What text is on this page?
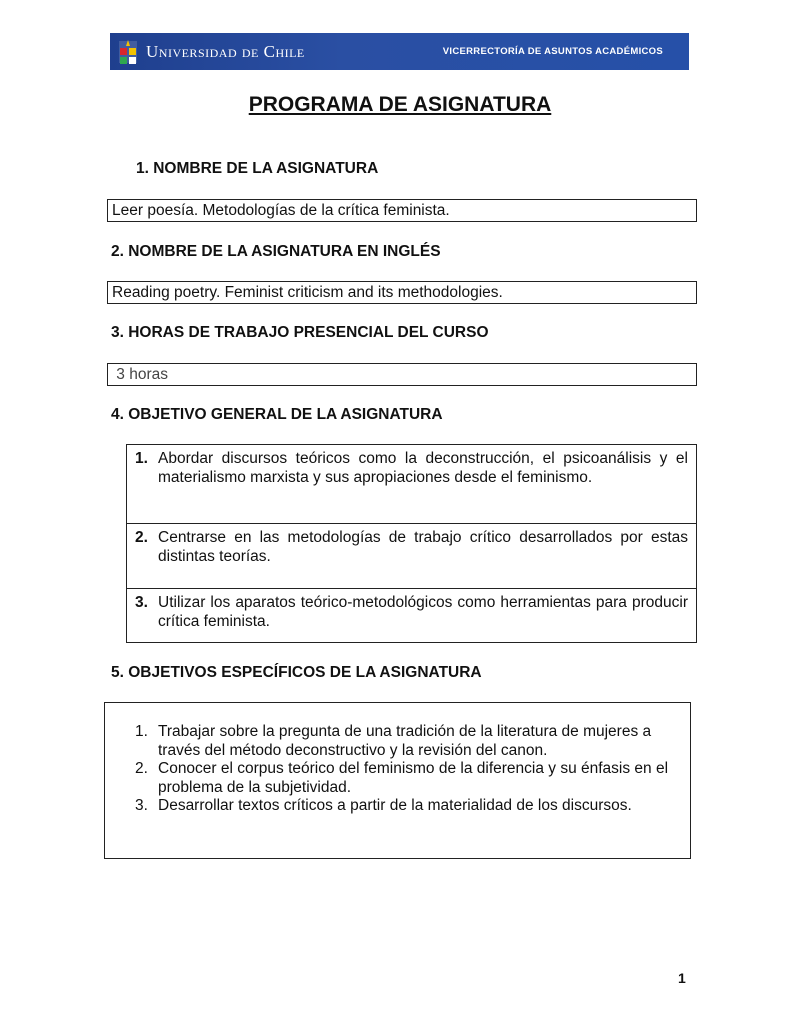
Universidad de Chile	VICERRECTORÍA DE ASUNTOS ACADÉMICOS
PROGRAMA DE ASIGNATURA
1. NOMBRE DE LA ASIGNATURA
Leer poesía. Metodologías de la crítica feminista.
2. NOMBRE DE LA ASIGNATURA EN INGLÉS
Reading poetry. Feminist criticism and its methodologies.
3. HORAS DE TRABAJO PRESENCIAL DEL CURSO
3 horas
4. OBJETIVO GENERAL DE LA ASIGNATURA
1. Abordar discursos teóricos como la deconstrucción, el psicoanálisis y el materialismo marxista y sus apropiaciones desde el feminismo.
2. Centrarse en las metodologías de trabajo crítico desarrollados por estas distintas teorías.
3. Utilizar los aparatos teórico-metodológicos como herramientas para producir crítica feminista.
5. OBJETIVOS ESPECÍFICOS DE LA ASIGNATURA
1. Trabajar sobre la pregunta de una tradición de la literatura de mujeres a través del método deconstructivo y la revisión del canon.
2. Conocer el corpus teórico del feminismo de la diferencia y su énfasis en el problema de la subjetividad.
3. Desarrollar textos críticos a partir de la materialidad de los discursos.
1
